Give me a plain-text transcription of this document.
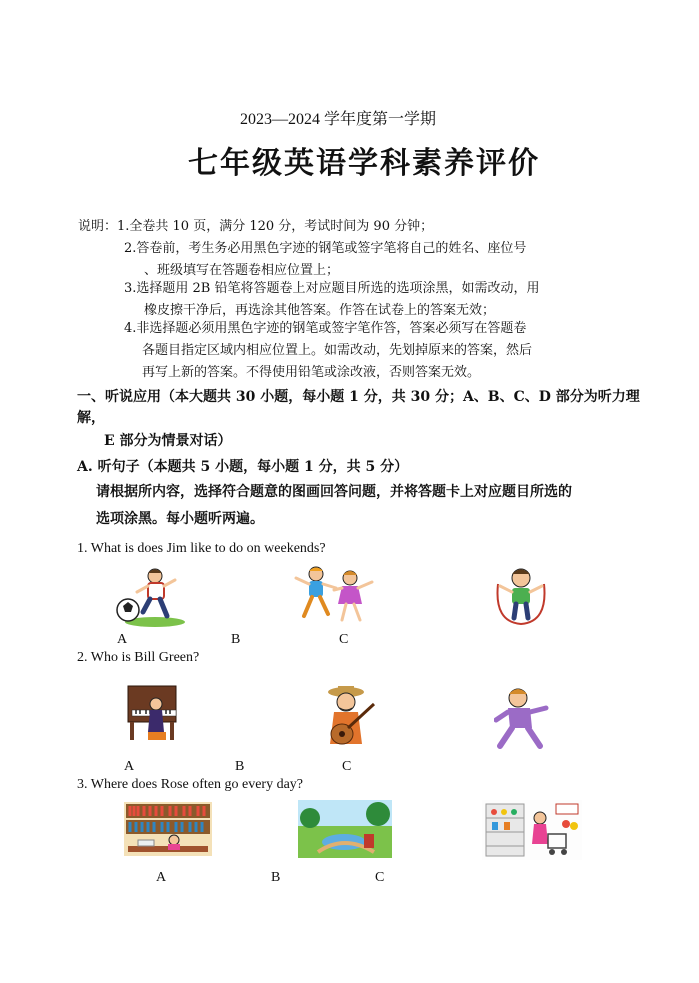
2023—2024 学年度第一学期
七年级英语学科素养评价
说明：1.全卷共 10 页，满分 120 分，考试时间为 90 分钟；
2.答卷前，考生务必用黑色字迹的钢笔或签字笔将自己的姓名、座位号
、班级填写在答题卷相应位置上；
3.选择题用 2B 铅笔将答题卷上对应题目所选的选项涂黑，如需改动，用
橡皮擦干净后，再选涂其他答案。作答在试卷上的答案无效；
4.非选择题必须用黑色字迹的钢笔或签字笔作答，答案必须写在答题卷
各题目指定区域内相应位置上。如需改动，先划掉原来的答案，然后
再写上新的答案。不得使用铅笔或涂改液，否则答案无效。
一、听说应用（本大题共 30 小题，每小题 1 分，共 30 分；A、B、C、D 部分为听力理
解，
E 部分为情景对话）
A. 听句子（本题共 5 小题，每小题 1 分，共 5 分）
请根据所内容，选择符合题意的图画回答问题，并将答题卡上对应题目所选的
选项涂黑。每小题听两遍。
1. What is does Jim like to do on weekends?
A	B	C
2. Who is Bill Green?
A	B	C
3. Where does Rose often go every day?
A	B	C
